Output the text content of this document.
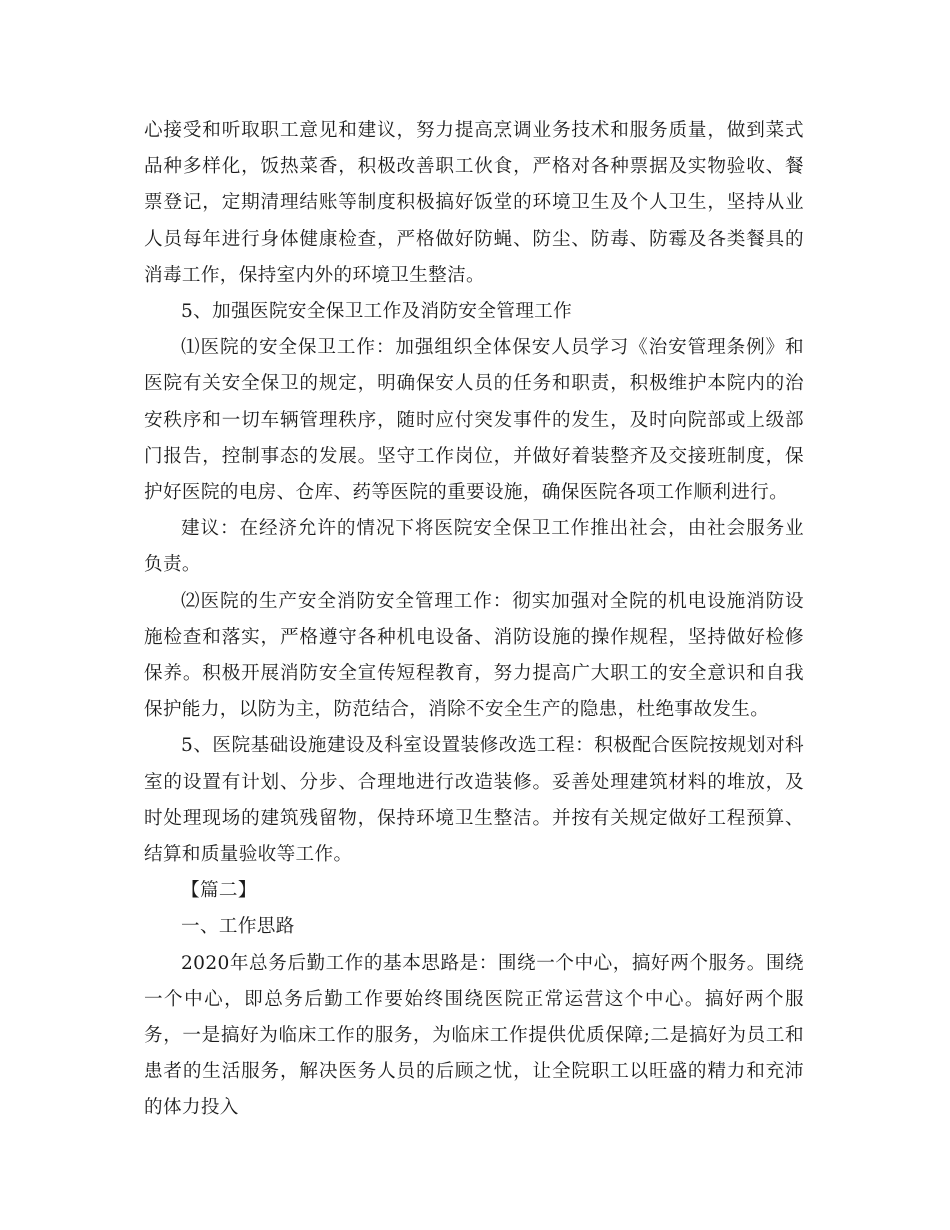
心接受和听取职工意见和建议，努力提高烹调业务技术和服务质量，做到菜式品种多样化，饭热菜香，积极改善职工伙食，严格对各种票据及实物验收、餐票登记，定期清理结账等制度积极搞好饭堂的环境卫生及个人卫生，坚持从业人员每年进行身体健康检查，严格做好防蝇、防尘、防毒、防霉及各类餐具的消毒工作，保持室内外的环境卫生整洁。

5、加强医院安全保卫工作及消防安全管理工作

⑴医院的安全保卫工作：加强组织全体保安人员学习《治安管理条例》和医院有关安全保卫的规定，明确保安人员的任务和职责，积极维护本院内的治安秩序和一切车辆管理秩序，随时应付突发事件的发生，及时向院部或上级部门报告，控制事态的发展。坚守工作岗位，并做好着装整齐及交接班制度，保护好医院的电房、仓库、药等医院的重要设施，确保医院各项工作顺利进行。

建议：在经济允许的情况下将医院安全保卫工作推出社会，由社会服务业负责。

⑵医院的生产安全消防安全管理工作：彻实加强对全院的机电设施消防设施检查和落实，严格遵守各种机电设备、消防设施的操作规程，坚持做好检修保养。积极开展消防安全宣传短程教育，努力提高广大职工的安全意识和自我保护能力，以防为主，防范结合，消除不安全生产的隐患，杜绝事故发生。

5、医院基础设施建设及科室设置装修改选工程：积极配合医院按规划对科室的设置有计划、分步、合理地进行改造装修。妥善处理建筑材料的堆放，及时处理现场的建筑残留物，保持环境卫生整洁。并按有关规定做好工程预算、结算和质量验收等工作。

【篇二】

一、工作思路

2020年总务后勤工作的基本思路是：围绕一个中心，搞好两个服务。围绕一个中心，即总务后勤工作要始终围绕医院正常运营这个中心。搞好两个服务，一是搞好为临床工作的服务，为临床工作提供优质保障;二是搞好为员工和患者的生活服务，解决医务人员的后顾之忧，让全院职工以旺盛的精力和充沛的体力投入
